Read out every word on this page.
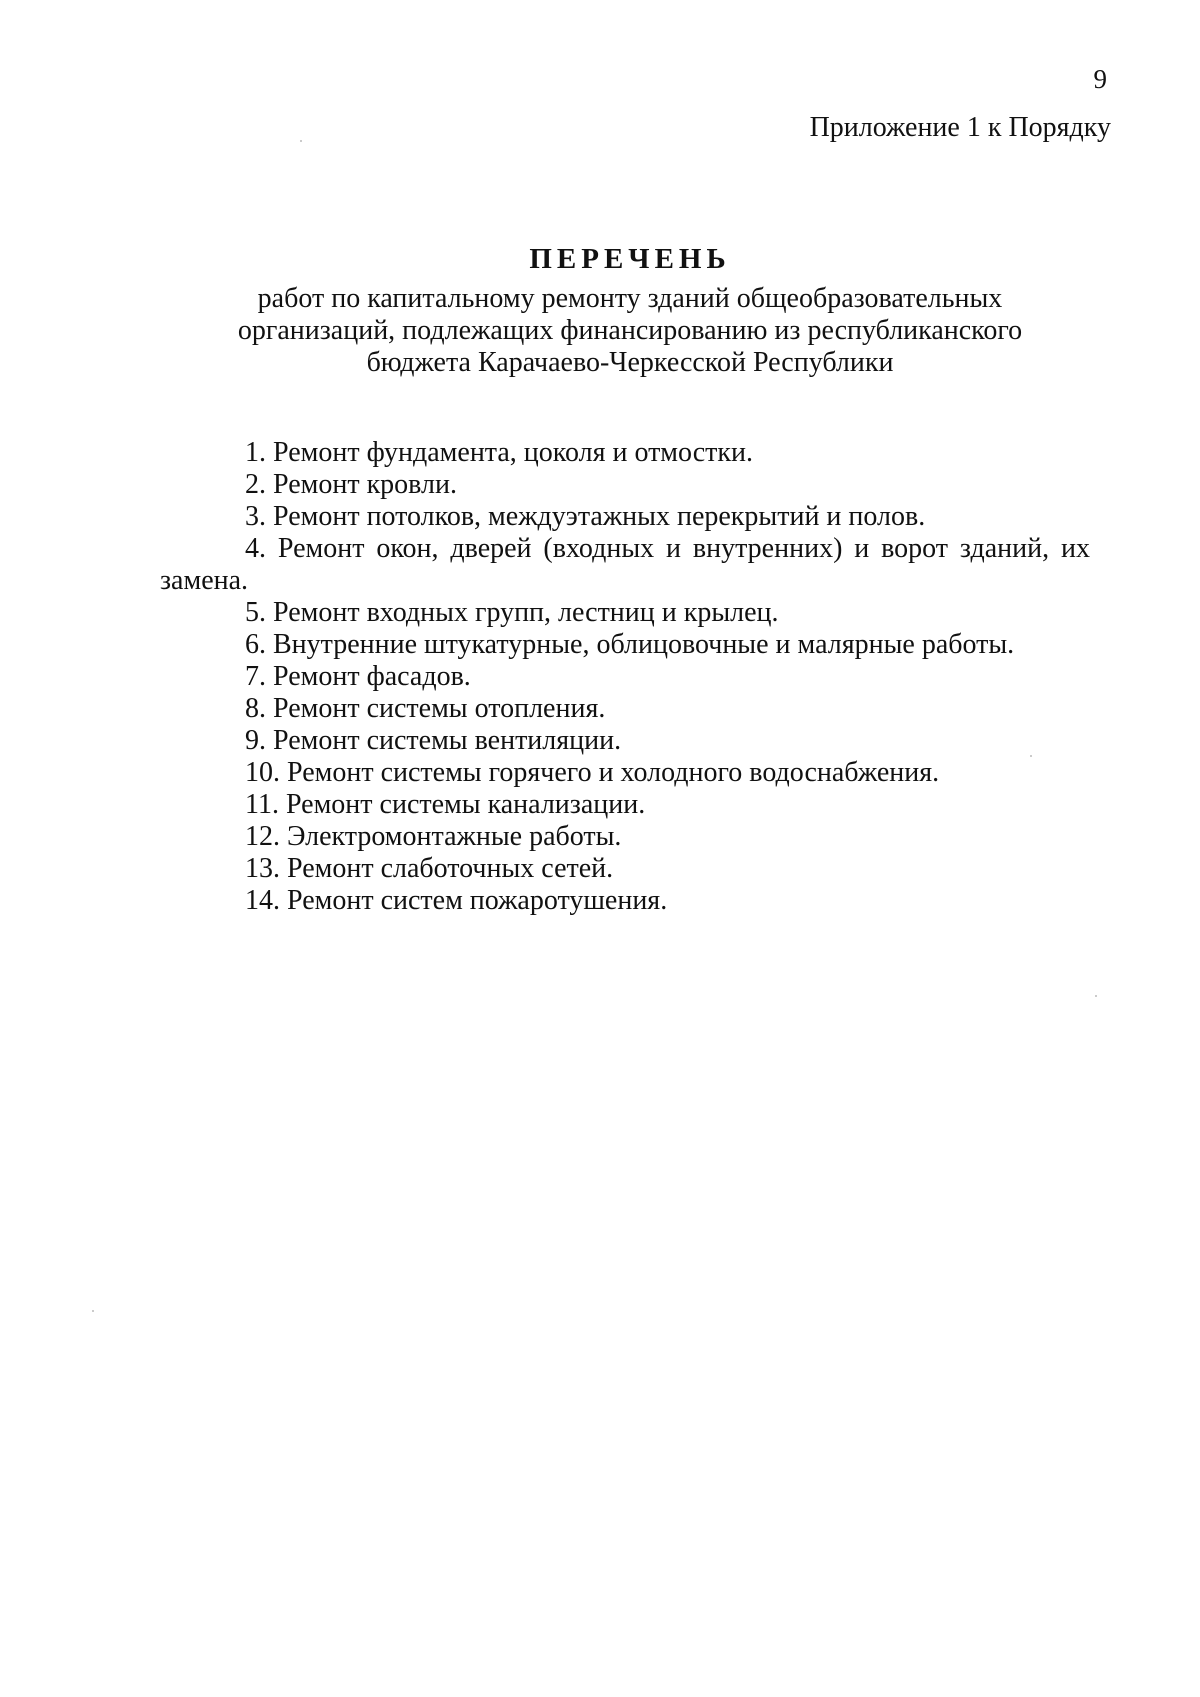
9
Приложение 1 к Порядку
ПЕРЕЧЕНЬ
работ по капитальному ремонту зданий общеобразовательных
организаций, подлежащих финансированию из республиканского
бюджета Карачаево-Черкесской Республики
1. Ремонт фундамента, цоколя и отмостки.
2. Ремонт кровли.
3. Ремонт потолков, междуэтажных перекрытий и полов.
4. Ремонт окон, дверей (входных и внутренних) и ворот зданий, их замена.
5. Ремонт входных групп, лестниц и крылец.
6. Внутренние штукатурные, облицовочные и малярные работы.
7. Ремонт фасадов.
8. Ремонт системы отопления.
9. Ремонт системы вентиляции.
10. Ремонт системы горячего и холодного водоснабжения.
11. Ремонт системы канализации.
12. Электромонтажные работы.
13. Ремонт слаботочных сетей.
14. Ремонт систем пожаротушения.
